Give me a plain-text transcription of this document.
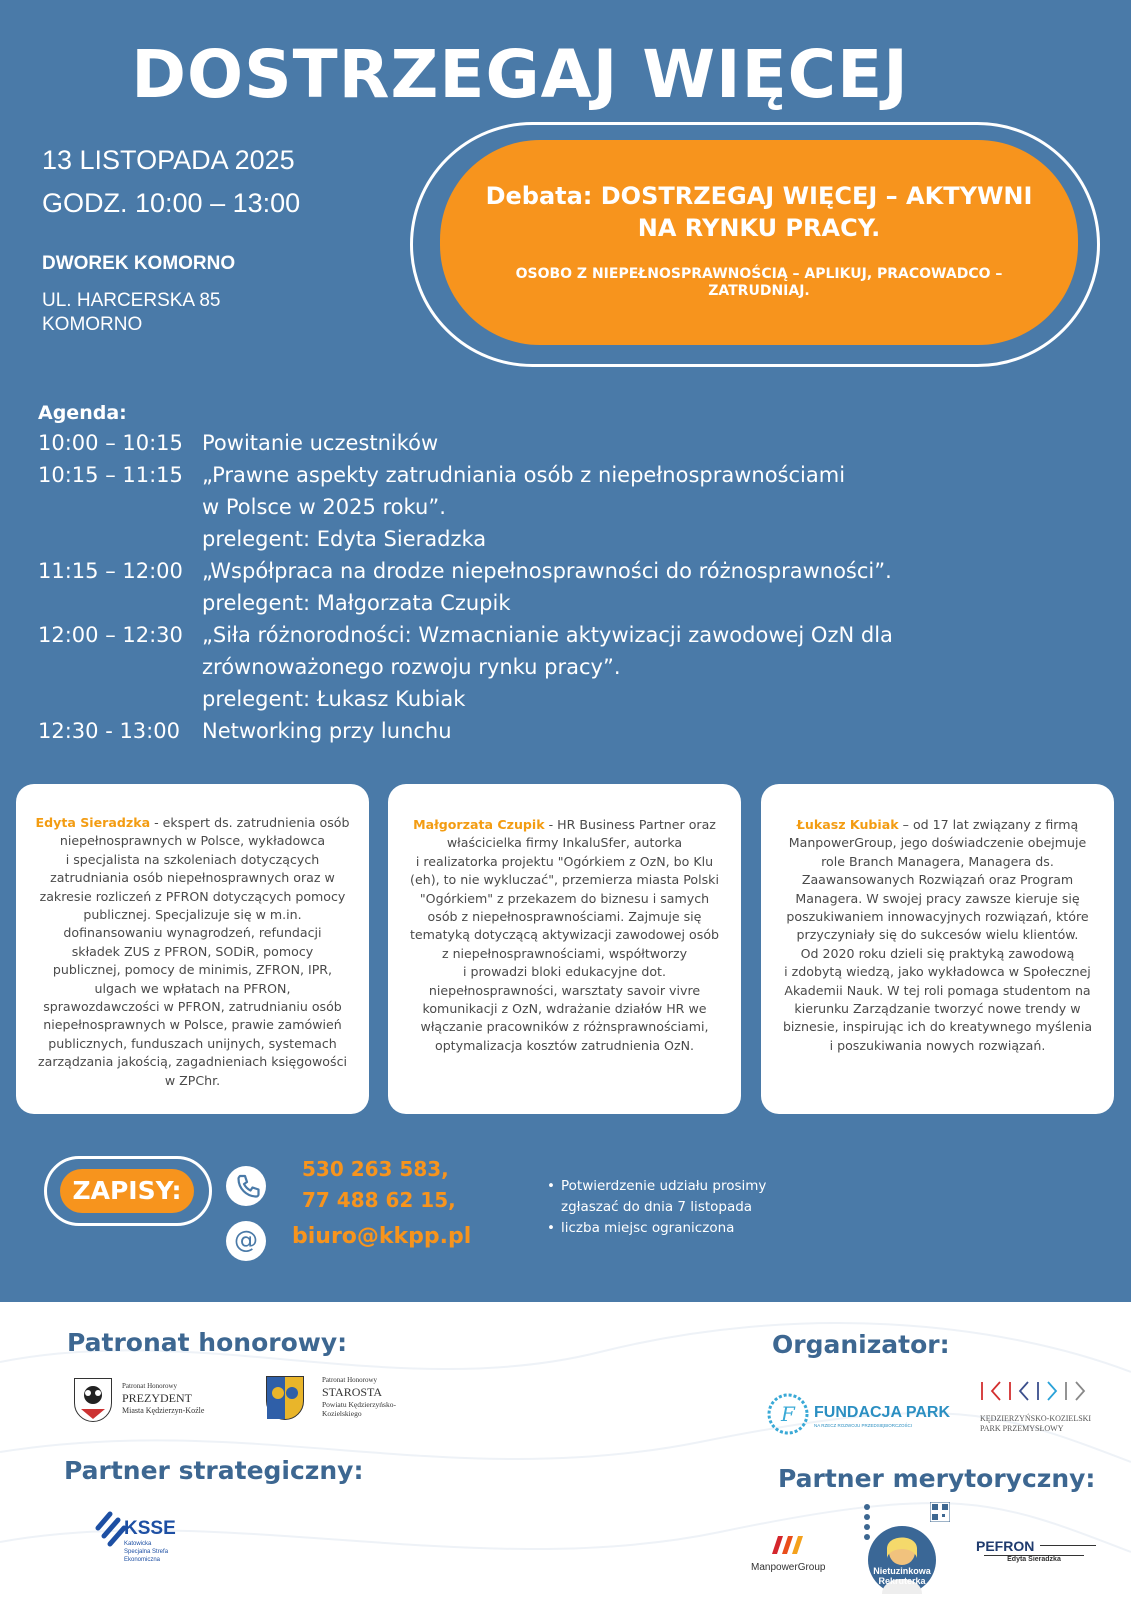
DOSTRZEGAJ WIĘCEJ
13 LISTOPADA 2025
GODZ. 10:00 – 13:00
DWOREK KOMORNO
UL. HARCERSKA 85
KOMORNO
Debata: DOSTRZEGAJ WIĘCEJ – AKTYWNI NA RYNKU PRACY.
OSOBO Z NIEPEŁNOSPRAWNOŚCIĄ – APLIKUJ, PRACOWADCO – ZATRUDNIAJ.
Agenda:
10:00 – 10:15 Powitanie uczestników
10:15 – 11:15 „Prawne aspekty zatrudniania osób z niepełnosprawnościami
w Polsce w 2025 roku”.
prelegent: Edyta Sieradzka
11:15 – 12:00 „Współpraca na drodze niepełnosprawności do różnosprawności”.
prelegent: Małgorzata Czupik
12:00 – 12:30 „Siła różnorodności: Wzmacnianie aktywizacji zawodowej OzN dla
zrównoważonego rozwoju rynku pracy”.
prelegent: Łukasz Kubiak
12:30 - 13:00	Networking przy lunchu
Edyta Sieradzka - ekspert ds. zatrudnienia osób
niepełnosprawnych w Polsce, wykładowca
i specjalista na szkoleniach dotyczących
zatrudniania osób niepełnosprawnych oraz w
zakresie rozliczeń z PFRON dotyczących pomocy
publicznej. Specjalizuje się w m.in.
dofinansowaniu wynagrodzeń, refundacji
składek ZUS z PFRON, SODiR, pomocy
publicznej, pomocy de minimis, ZFRON, IPR,
ulgach we wpłatach na PFRON,
sprawozdawczości w PFRON, zatrudnianiu osób
niepełnosprawnych w Polsce, prawie zamówień
publicznych, funduszach unijnych, systemach
zarządzania jakością, zagadnieniach księgowości
w ZPChr.
Małgorzata Czupik - HR Business Partner oraz
właścicielka firmy InkaluSfer, autorka
i realizatorka projektu "Ogórkiem z OzN, bo Klu
(eh), to nie wykluczać", przemierza miasta Polski
"Ogórkiem" z przekazem do biznesu i samych
osób z niepełnosprawnościami. Zajmuje się
tematyką dotyczącą aktywizacji zawodowej osób
z niepełnosprawnościami, współtworzy
i prowadzi bloki edukacyjne dot.
niepełnosprawności, warsztaty savoir vivre
komunikacji z OzN, wdrażanie działów HR we
włączanie pracowników z różnsprawnościami,
optymalizacja kosztów zatrudnienia OzN.
Łukasz Kubiak – od 17 lat związany z firmą
ManpowerGroup, jego doświadczenie obejmuje
role Branch Managera, Managera ds.
Zaawansowanych Rozwiązań oraz Program
Managera. W swojej pracy zawsze kieruje się
poszukiwaniem innowacyjnych rozwiązań, które
przyczyniały się do sukcesów wielu klientów.
Od 2020 roku dzieli się praktyką zawodową
i zdobytą wiedzą, jako wykładowca w Społecznej
Akademii Nauk. W tej roli pomaga studentom na
kierunku Zarządzanie tworzyć nowe trendy w
biznesie, inspirując ich do kreatywnego myślenia
i poszukiwania nowych rozwiązań.
ZAPISY:
@
530 263 583,
77 488 62 15,
biuro@kkpp.pl
• Potwierdzenie udziału prosimy zgłaszać do dnia 7 listopada
• liczba miejsc ograniczona
Patronat honorowy:
Patronat Honorowy
PREZYDENT
Miasta Kędzierzyn-Koźle
Patronat Honorowy
STAROSTA
Powiatu Kędzierzyńsko-Kozielskiego
Partner strategiczny:
KSSE
Katowicka Specjalna Strefa Ekonomiczna
Organizator:
F FUNDACJA PARK
NA RZECZ ROZWOJU PRZEDSIĘBIORCZOŚCI
KĘDZIERZYŃSKO-KOZIELSKI PARK PRZEMYSŁOWY
Partner merytoryczny:
ManpowerGroup	Nietuzinkowa Rekruterka
PEFRON
Edyta Sieradzka
